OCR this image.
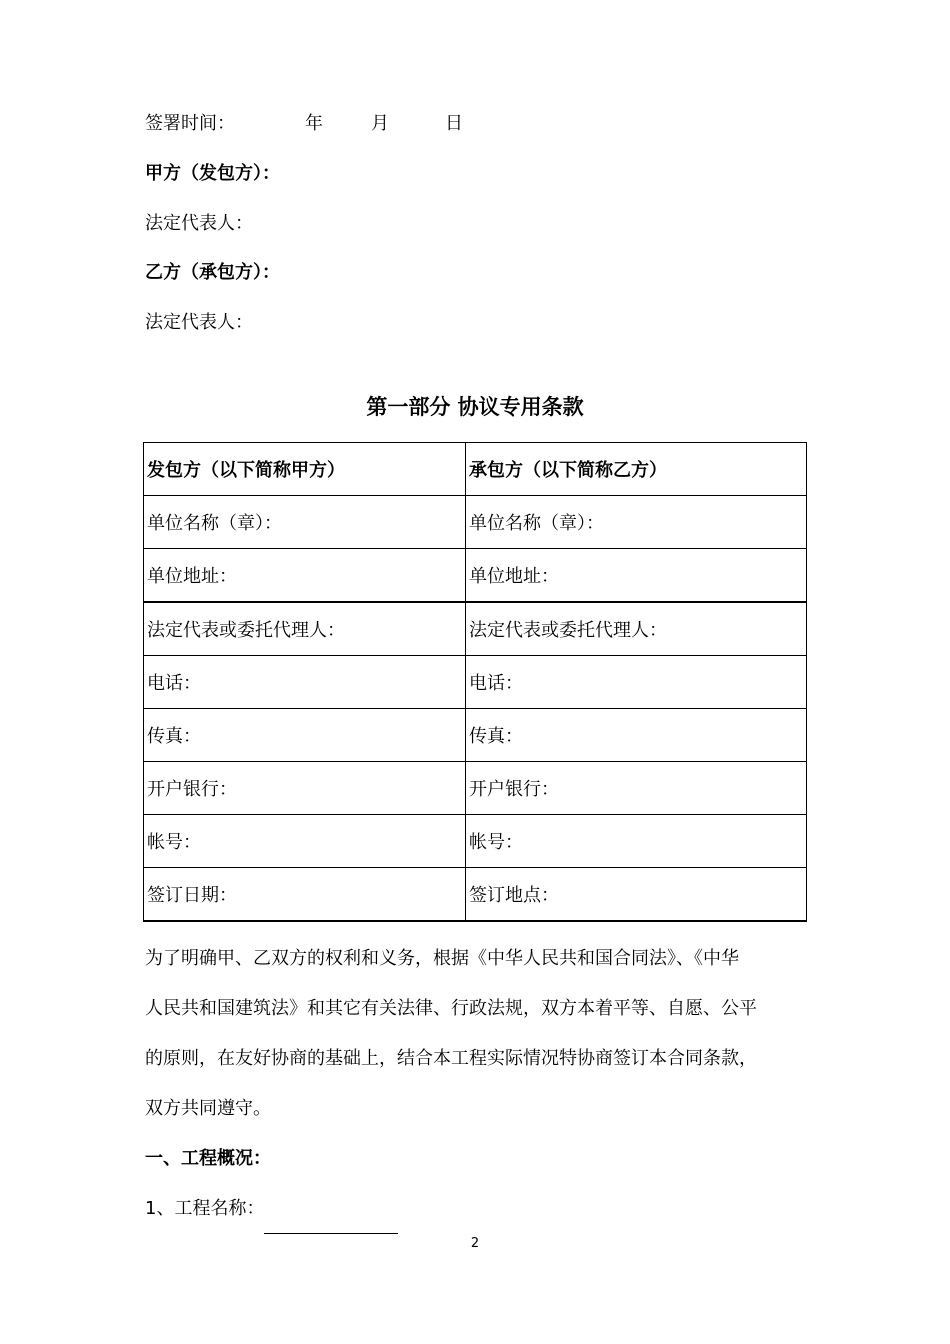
签署时间：	年	月	日
甲方（发包方）：
法定代表人：
乙方（承包方）：
法定代表人：
第一部分 协议专用条款
发包方（以下简称甲方）	承包方（以下简称乙方）
单位名称（章）：	单位名称（章）：
单位地址：	单位地址：
法定代表或委托代理人：	法定代表或委托代理人：
电话：	电话：
传真：	传真：
开户银行：	开户银行：
帐号：	帐号：
签订日期：	签订地点：
为了明确甲、乙双方的权利和义务，根据《中华人民共和国合同法》、《中华
人民共和国建筑法》和其它有关法律、行政法规，双方本着平等、自愿、公平
的原则，在友好协商的基础上，结合本工程实际情况特协商签订本合同条款，
双方共同遵守。
一、工程概况：
1、工程名称：
2
